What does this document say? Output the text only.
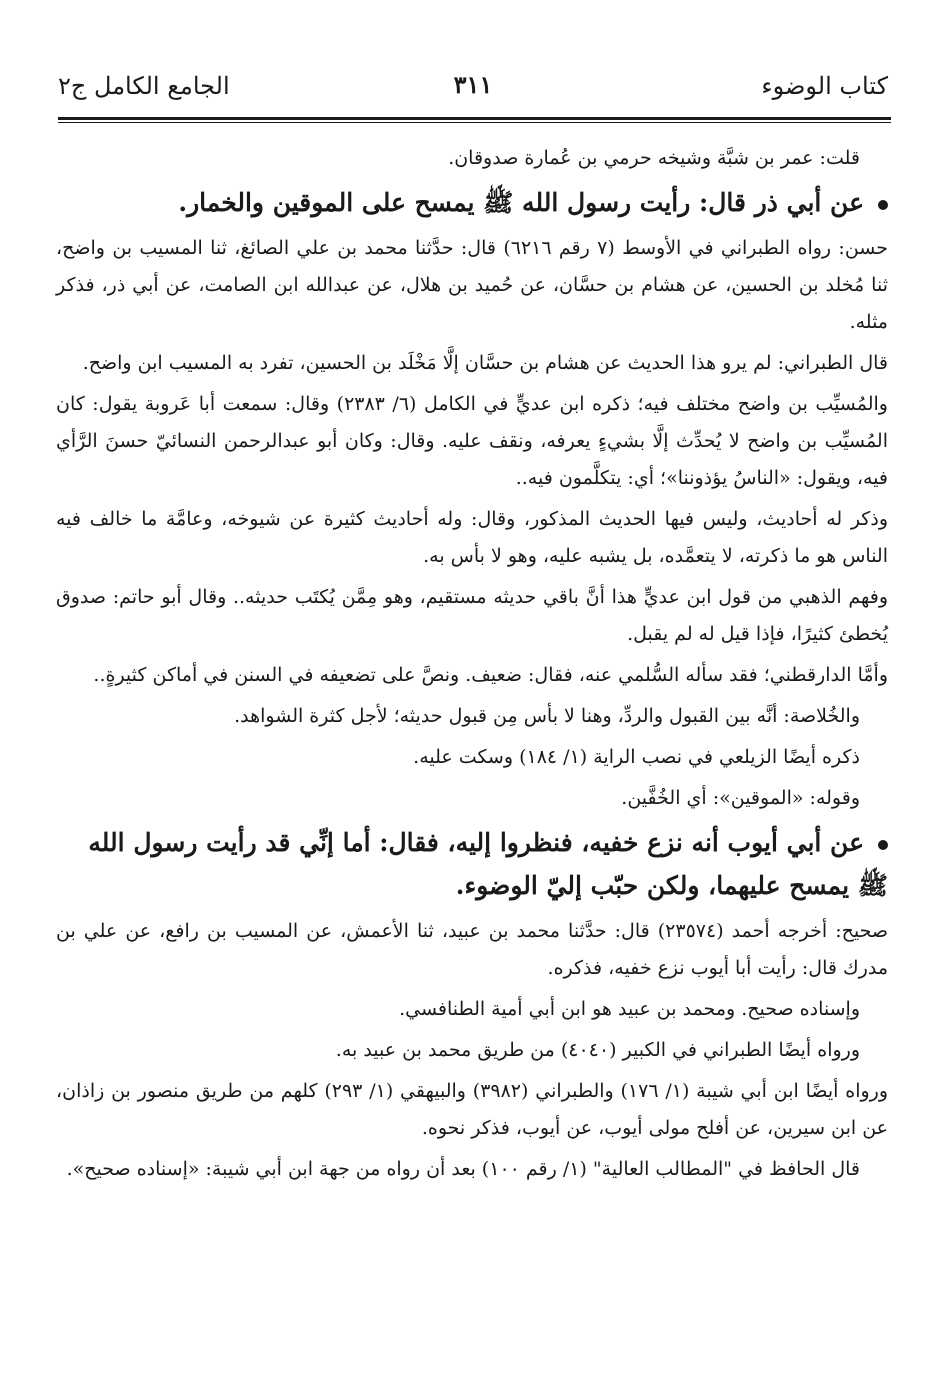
كتاب الوضوء
٣١١
الجامع الكامل ج٢

قلت: عمر بن شبَّة وشيخه حرمي بن عُمارة صدوقان.

عن أبي ذر قال: رأيت رسول الله ﷺ يمسح على الموقين والخمار.

حسن: رواه الطبراني في الأوسط (٧ رقم ٦٢١٦) قال: حدَّثنا محمد بن علي الصائغ، ثنا المسيب بن واضح، ثنا مُخلد بن الحسين، عن هشام بن حسَّان، عن حُميد بن هلال، عن عبدالله ابن الصامت، عن أبي ذر، فذكر مثله.

قال الطبراني: لم يرو هذا الحديث عن هشام بن حسَّان إلَّا مَخْلَد بن الحسين، تفرد به المسيب ابن واضح.

والمُسيِّب بن واضح مختلف فيه؛ ذكره ابن عديٍّ في الكامل (٦/ ٢٣٨٣) وقال: سمعت أبا عَروبة يقول: كان المُسيِّب بن واضح لا يُحدِّث إلَّا بشيءٍ يعرفه، ونقف عليه. وقال: وكان أبو عبدالرحمن النسائيّ حسنَ الرَّأي فيه، ويقول: «الناسُ يؤذوننا»؛ أي: يتكلَّمون فيه..

وذكر له أحاديث، وليس فيها الحديث المذكور، وقال: وله أحاديث كثيرة عن شيوخه، وعامَّة ما خالف فيه الناس هو ما ذكرته، لا يتعمَّده، بل يشبه عليه، وهو لا بأس به.

وفهم الذهبي من قول ابن عديٍّ هذا أنَّ باقي حديثه مستقيم، وهو مِمَّن يُكتَب حديثه.. وقال أبو حاتم: صدوق يُخطئ كثيرًا، فإذا قيل له لم يقبل.

وأمَّا الدارقطني؛ فقد سأله السُّلمي عنه، فقال: ضعيف. ونصَّ على تضعيفه في السنن في أماكن كثيرةٍ..

والخُلاصة: أنَّه بين القبول والردِّ، وهنا لا بأس مِن قبول حديثه؛ لأجل كثرة الشواهد.

ذكره أيضًا الزيلعي في نصب الراية (١/ ١٨٤) وسكت عليه.

وقوله: «الموقين»: أي الخُفَّين.

عن أبي أيوب أنه نزع خفيه، فنظروا إليه، فقال: أما إنِّي قد رأيت رسول الله ﷺ يمسح عليهما، ولكن حبّب إليّ الوضوء.

صحيح: أخرجه أحمد (٢٣٥٧٤) قال: حدَّثنا محمد بن عبيد، ثنا الأعمش، عن المسيب بن رافع، عن علي بن مدرك قال: رأيت أبا أيوب نزع خفيه، فذكره.

وإسناده صحيح. ومحمد بن عبيد هو ابن أبي أمية الطنافسي.

ورواه أيضًا الطبراني في الكبير (٤٠٤٠) من طريق محمد بن عبيد به.

ورواه أيضًا ابن أبي شيبة (١/ ١٧٦) والطبراني (٣٩٨٢) والبيهقي (١/ ٢٩٣) كلهم من طريق منصور بن زاذان، عن ابن سيرين، عن أفلح مولى أيوب، عن أيوب، فذكر نحوه.

قال الحافظ في "المطالب العالية" (١/ رقم ١٠٠) بعد أن رواه من جهة ابن أبي شيبة: «إسناده صحيح».
